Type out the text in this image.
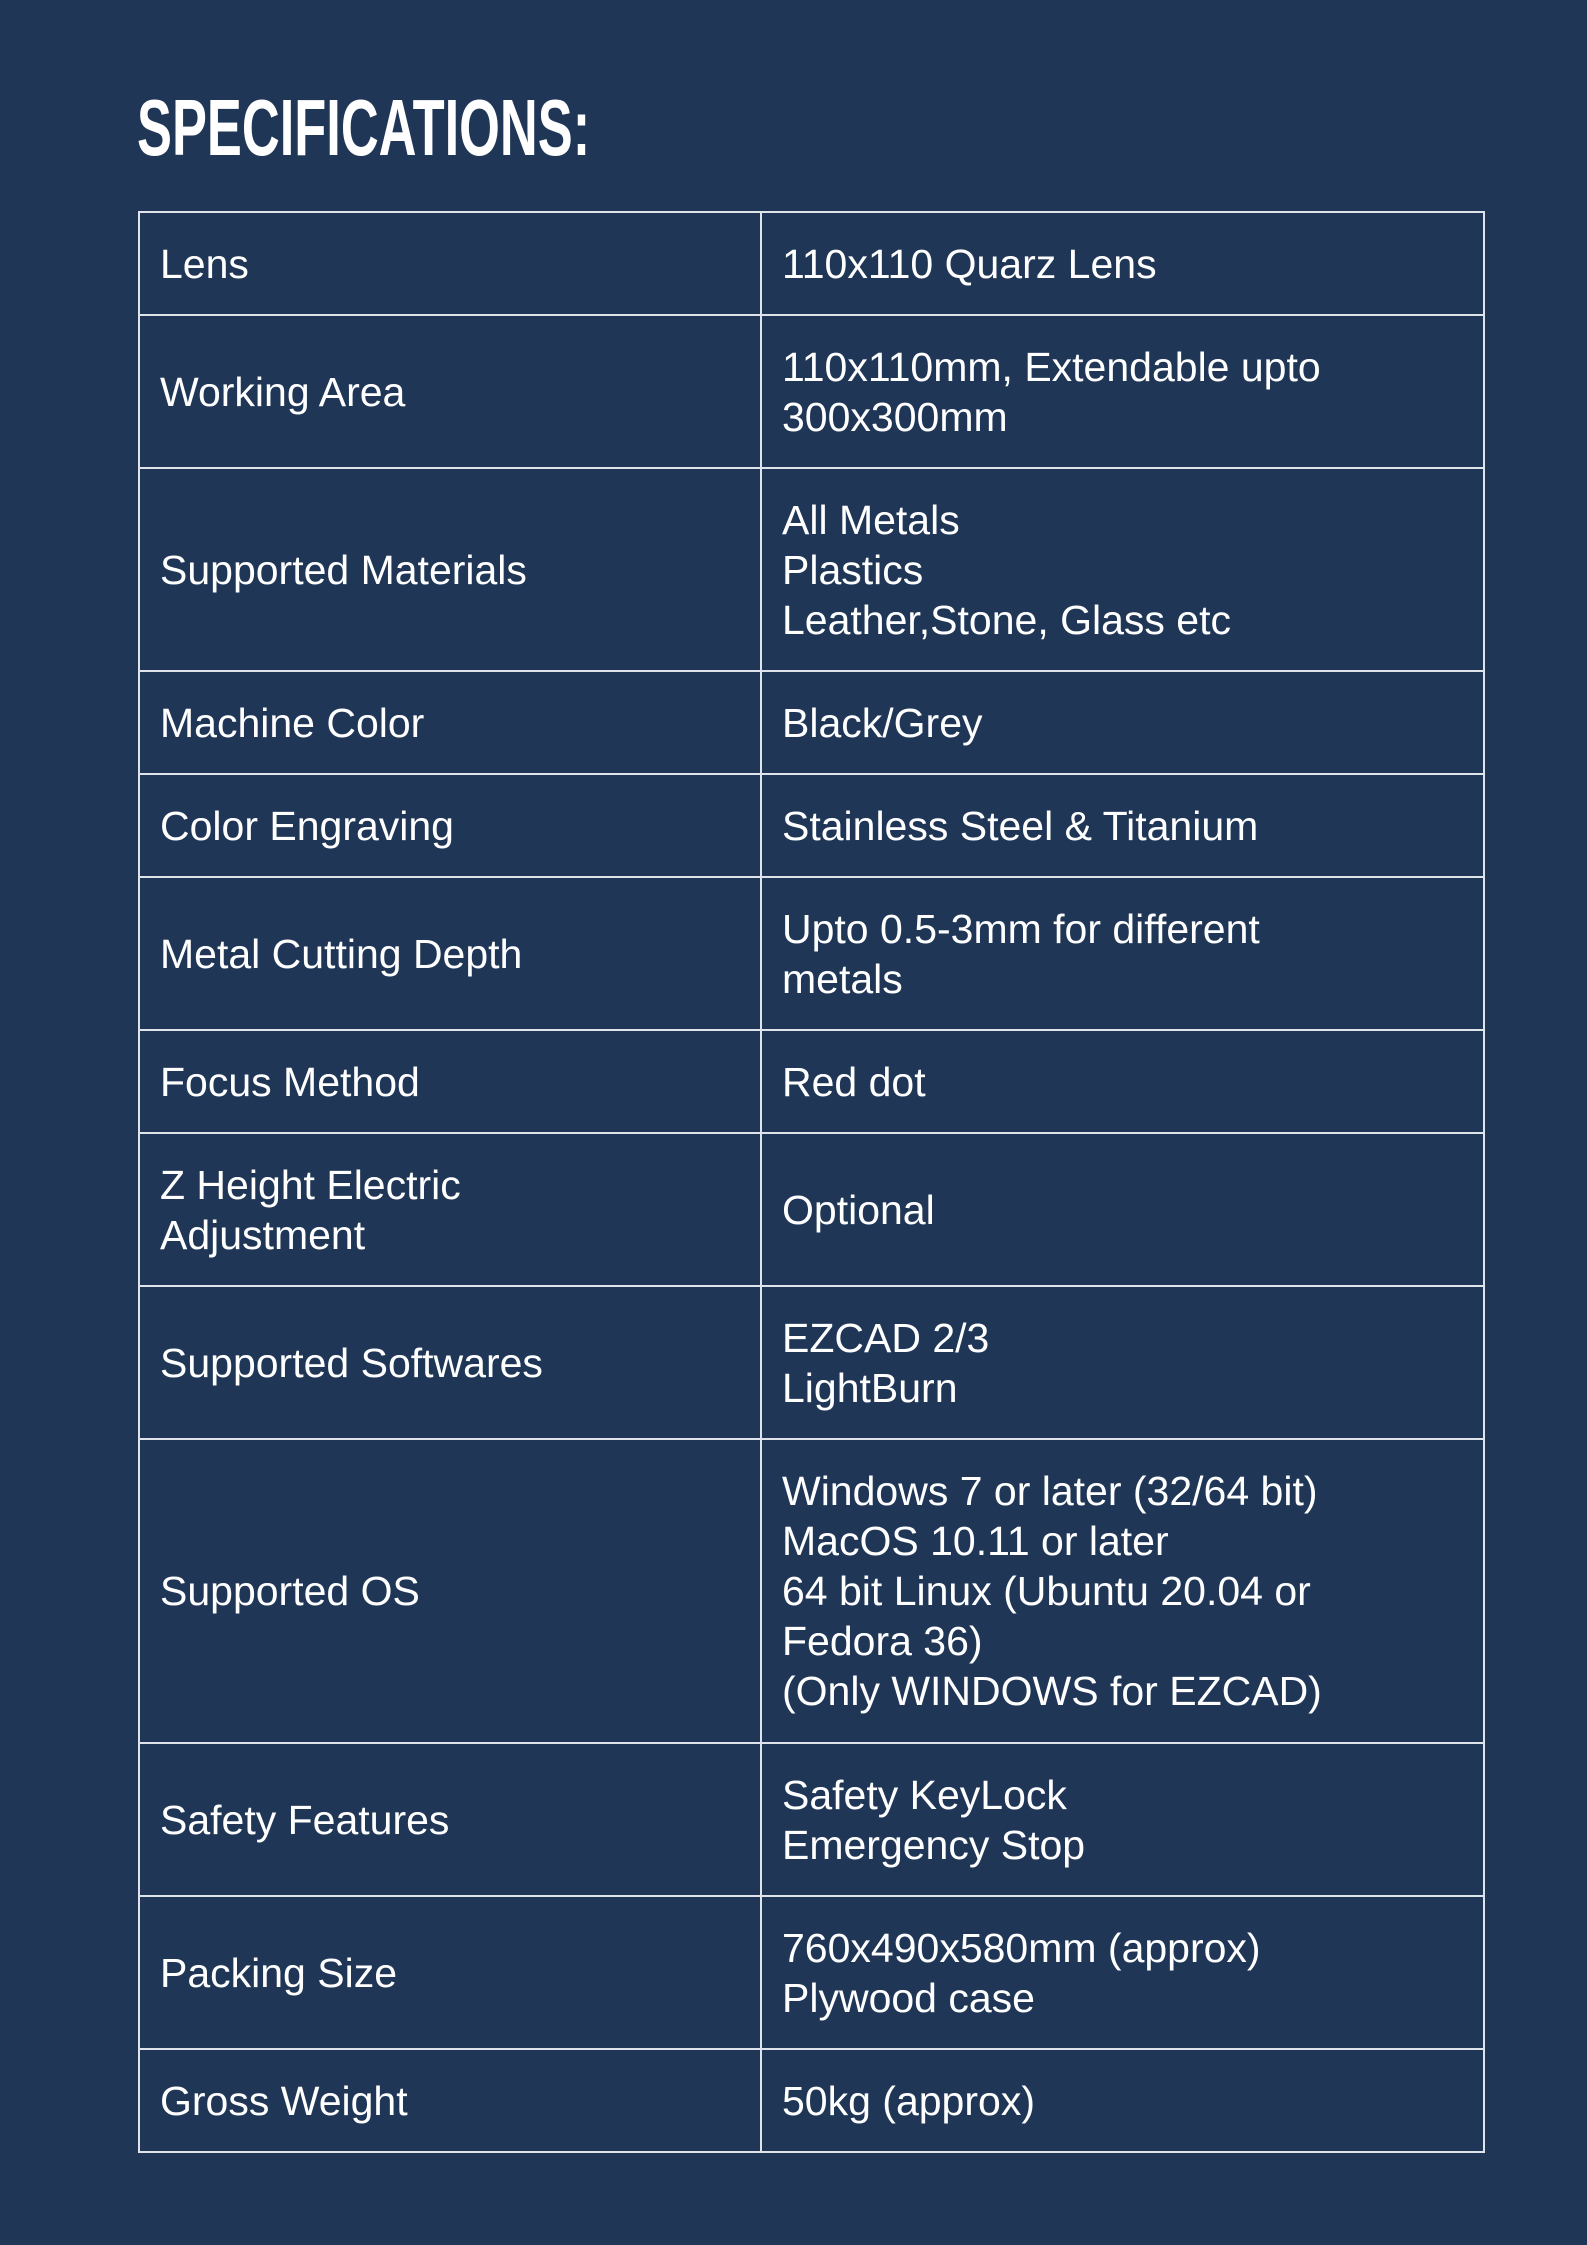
SPECIFICATIONS:
Lens	110x110 Quarz Lens

Working Area	110x110mm, Extendable upto
300x300mm

Supported Materials	All Metals
Plastics
Leather,Stone, Glass etc

Machine Color	Black/Grey

Color Engraving	Stainless Steel & Titanium

Metal Cutting Depth	Upto 0.5-3mm for different
metals

Focus Method	Red dot

Z Height Electric
Adjustment	Optional

Supported Softwares	EZCAD 2/3
LightBurn

Supported OS	Windows 7 or later (32/64 bit)
MacOS 10.11 or later
64 bit Linux (Ubuntu 20.04 or
Fedora 36)
(Only WINDOWS for EZCAD)

Safety Features	Safety KeyLock
Emergency Stop

Packing Size	760x490x580mm (approx)
Plywood case

Gross Weight	50kg (approx)
